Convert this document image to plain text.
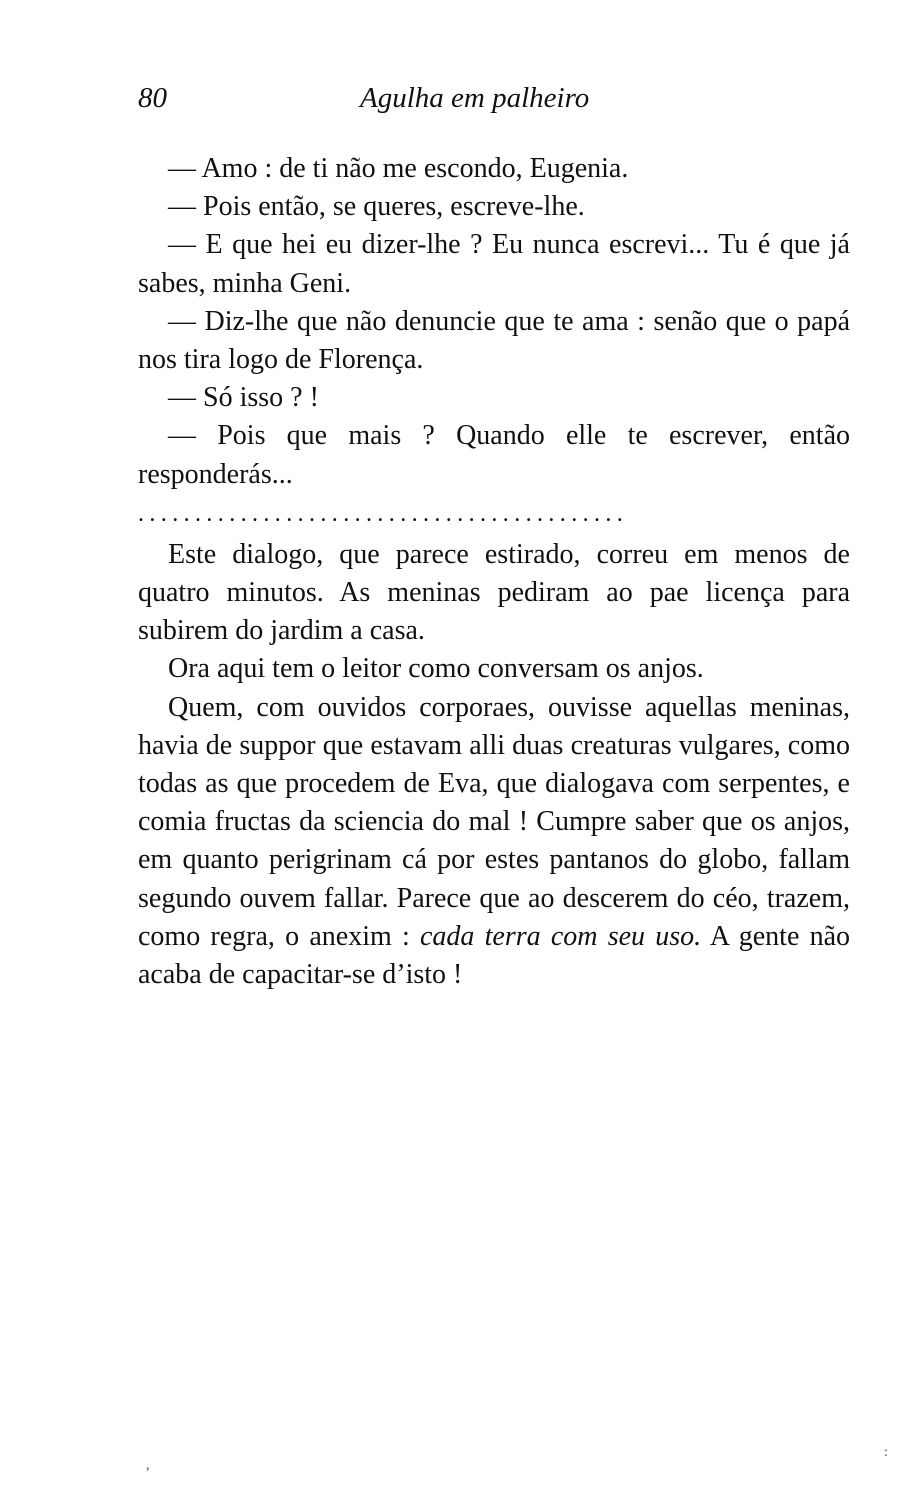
80	Agulha em palheiro

— Amo : de ti não me escondo, Eugenia.

— Pois então, se queres, escreve-lhe.

— E que hei eu dizer-lhe ? Eu nunca escrevi... Tu é que já sabes, minha Geni.

— Diz-lhe que não denuncie que te ama : senão que o papá nos tira logo de Florença.

— Só isso ? !

— Pois que mais ? Quando elle te escrever, então responderás...

...........................................

Este dialogo, que parece estirado, correu em menos de quatro minutos. As meninas pediram ao pae licença para subirem do jardim a casa.

Ora aqui tem o leitor como conversam os anjos.

Quem, com ouvidos corporaes, ouvisse aquellas meninas, havia de suppor que estavam alli duas creaturas vulgares, como todas as que procedem de Eva, que dialogava com serpentes, e comia fructas da sciencia do mal ! Cumpre saber que os anjos, em quanto perigrinam cá por estes pantanos do globo, fallam segundo ouvem fallar. Parece que ao descerem do céo, trazem, como regra, o anexim : cada terra com seu uso. A gente não acaba de capacitar-se d’isto !

,
:
